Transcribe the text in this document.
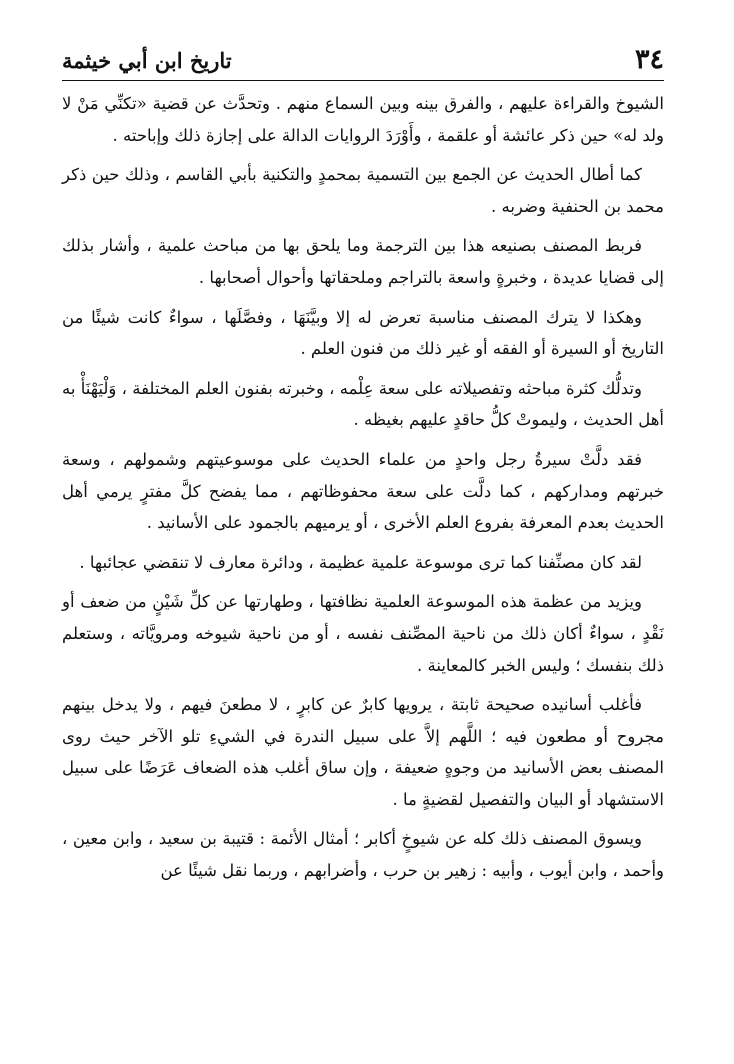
٣٤
تاريخ ابن أبي خيثمة

الشيوخ والقراءة عليهم ، والفرق بينه وبين السماع منهم . وتحدَّث عن قضية «تكنِّي مَنْ لا ولد له» حين ذكر عائشة أو علقمة ، وأَوْرَدَ الروايات الدالة على إجازة ذلك وإباحته .

كما أطال الحديث عن الجمع بين التسمية بمحمدٍ والتكنية بأبي القاسم ، وذلك حين ذكر محمد بن الحنفية وضربه .

فربط المصنف بصنيعه هذا بين الترجمة وما يلحق بها من مباحث علمية ، وأشار بذلك إلى قضايا عديدة ، وخبرةٍ واسعة بالتراجم وملحقاتها وأحوال أصحابها .

وهكذا لا يترك المصنف مناسبة تعرض له إلا وبيَّنَهَا ، وفصَّلَها ، سواءٌ كانت شيئًا من التاريخ أو السيرة أو الفقه أو غير ذلك من فنون العلم .

وتدلُّك كثرة مباحثه وتفصيلاته على سعة عِلْمه ، وخبرته بفنون العلم المختلفة ، وَلْيَهْنَأْ به أهل الحديث ، وليموتْ كلُّ حاقدٍ عليهم بغيظه .

فقد دلَّتْ سيرةُ رجل واحدٍ من علماء الحديث على موسوعيتهم وشمولهم ، وسعة خبرتهم ومداركهم ، كما دلَّت على سعة محفوظاتهم ، مما يفضح كلَّ مفترٍ يرمي أهل الحديث بعدم المعرفة بفروع العلم الأخرى ، أو يرميهم بالجمود على الأسانيد .

لقد كان مصنِّفنا كما ترى موسوعة علمية عظيمة ، ودائرة معارف لا تنقضي عجائبها .

ويزيد من عظمة هذه الموسوعة العلمية نظافتها ، وطهارتها عن كلِّ شَيْنٍ من ضعف أو نَقْدٍ ، سواءٌ أكان ذلك من ناحية المصِّنف نفسه ، أو من ناحية شيوخه ومرويَّاته ، وستعلم ذلك بنفسك ؛ وليس الخبر كالمعاينة .

فأغلب أسانيده صحيحة ثابتة ، يرويها كابرٌ عن كابرٍ ، لا مطعنَ فيهم ، ولا يدخل بينهم مجروح أو مطعون فيه ؛ اللَّهم إلاَّ على سبيل الندرة في الشيءِ تلو الآخر حيث روى المصنف بعض الأسانيد من وجوهٍ ضعيفة ، وإن ساق أغلب هذه الضعاف عَرَضًا على سبيل الاستشهاد أو البيان والتفصيل لقضيةٍ ما .

ويسوق المصنف ذلك كله عن شيوخٍ أكابر ؛ أمثال الأئمة : قتيبة بن سعيد ، وابن معين ، وأحمد ، وابن أيوب ، وأبيه : زهير بن حرب ، وأضرابهم ، وربما نقل شيئًا عن
